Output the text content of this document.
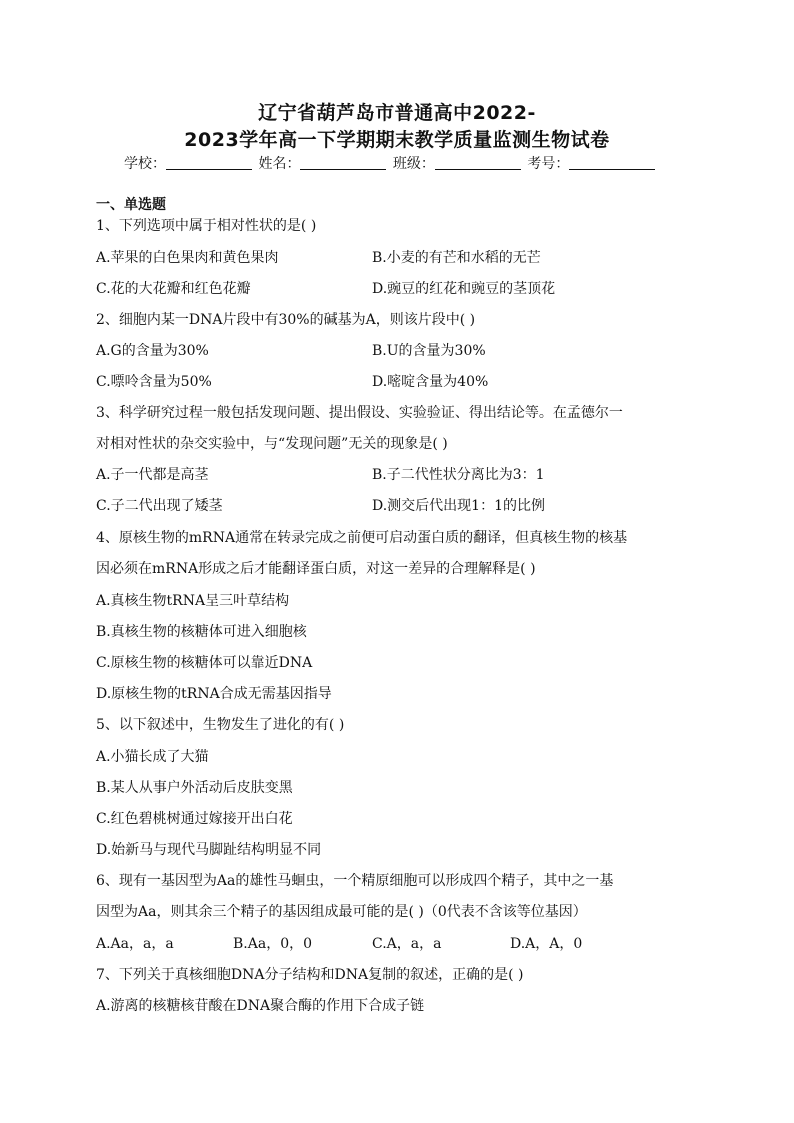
辽宁省葫芦岛市普通高中2022-
2023学年高一下学期期末教学质量监测生物试卷
学校：	姓名：	班级：	考号：
一、单选题
1、下列选项中属于相对性状的是( )
A.苹果的白色果肉和黄色果肉	B.小麦的有芒和水稻的无芒
C.花的大花瓣和红色花瓣	D.豌豆的红花和豌豆的茎顶花
2、细胞内某一DNA片段中有30%的碱基为A，则该片段中( )
A.G的含量为30%	B.U的含量为30%
C.嘌呤含量为50%	D.嘧啶含量为40%
3、科学研究过程一般包括发现问题、提出假设、实验验证、得出结论等。在孟德尔一
对相对性状的杂交实验中，与“发现问题”无关的现象是( )
A.子一代都是高茎	B.子二代性状分离比为3：1
C.子二代出现了矮茎	D.测交后代出现1：1的比例
4、原核生物的mRNA通常在转录完成之前便可启动蛋白质的翻译，但真核生物的核基
因必须在mRNA形成之后才能翻译蛋白质，对这一差异的合理解释是( )
A.真核生物tRNA呈三叶草结构
B.真核生物的核糖体可进入细胞核
C.原核生物的核糖体可以靠近DNA
D.原核生物的tRNA合成无需基因指导
5、以下叙述中，生物发生了进化的有( )
A.小猫长成了大猫
B.某人从事户外活动后皮肤变黑
C.红色碧桃树通过嫁接开出白花
D.始新马与现代马脚趾结构明显不同
6、现有一基因型为Aa的雄性马蛔虫，一个精原细胞可以形成四个精子，其中之一基
因型为Aa，则其余三个精子的基因组成最可能的是( )（0代表不含该等位基因）
A.Aa，a，a	B.Aa，0，0	C.A，a，a	D.A，A，0
7、下列关于真核细胞DNA分子结构和DNA复制的叙述，正确的是( )
A.游离的核糖核苷酸在DNA聚合酶的作用下合成子链
